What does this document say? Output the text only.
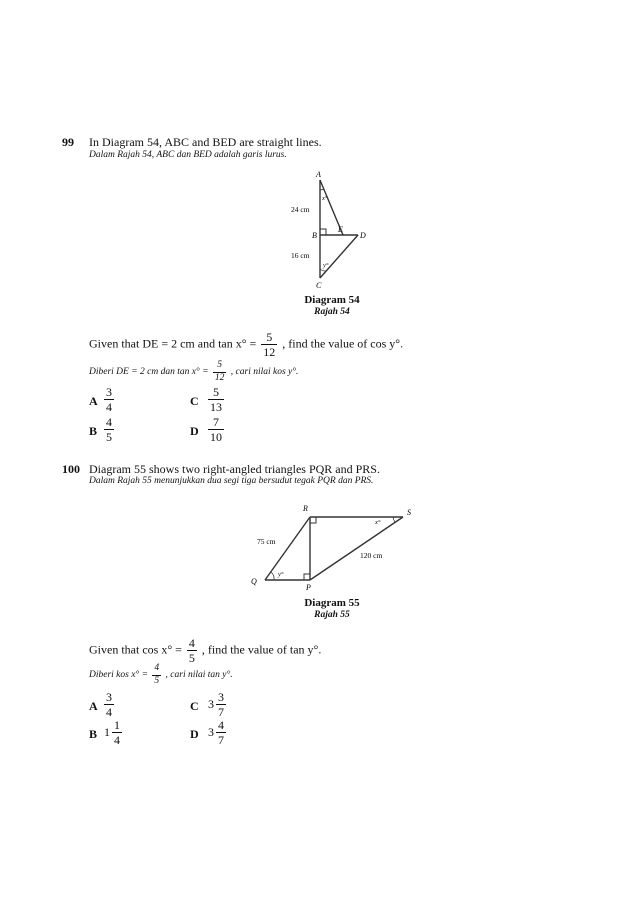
99 In Diagram 54, ABC and BED are straight lines.
Dalam Rajah 54, ABC dan BED adalah garis lurus.
A
B
C
D
E
x°
y°
24 cm
16 cm
Diagram 54
Rajah 54
Given that DE = 2 cm and $\tan x^\circ = \frac{5}{12}$ , find the value of cos y°.
Diberi DE = 2 cm dan $\tan x^\circ = \frac{5}{12}$ , cari nilai kos y°.
A $\frac{3}{4}$	C $\frac{5}{13}$
B $\frac{4}{5}$	D $\frac{7}{10}$
100 Diagram 55 shows two right-angled triangles PQR and PRS.
Dalam Rajah 55 menunjukkan dua segi tiga bersudut tegak PQR dan PRS.
R	S
Q
P
x°
y°
75 cm
120 cm
Diagram 55
Rajah 55
Given that $\cos x^\circ = \frac{4}{5}$ , find the value of tan y°.
Diberi kos $x^\circ = \frac{4}{5}$ , cari nilai tan y°.
A $\frac{3}{4}$	C $3 \frac{3}{7}$
B $1 \frac{1}{4}$	D $3 \frac{4}{7}$
